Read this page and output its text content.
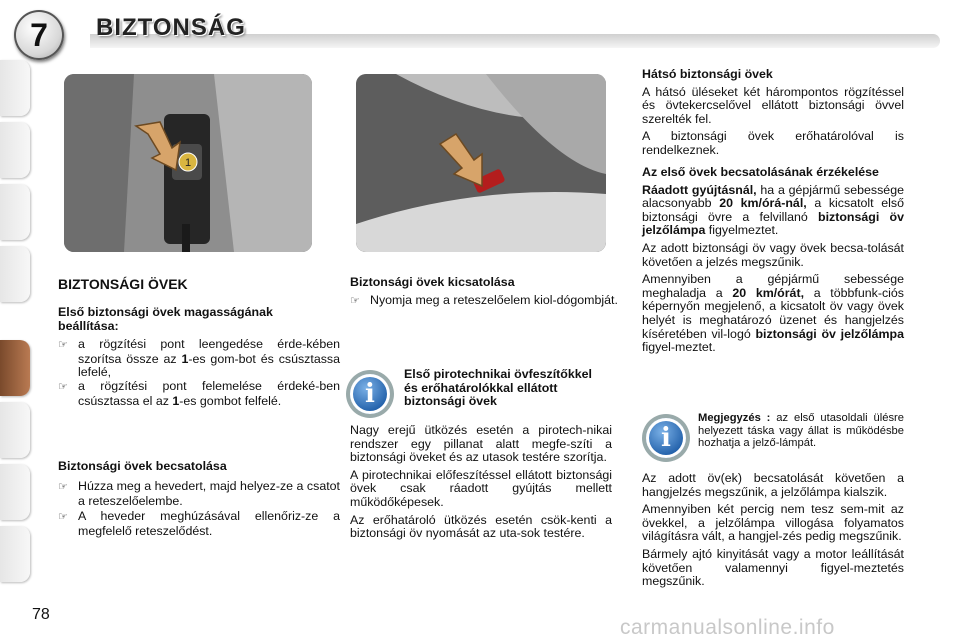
7	BIZTONSÁG
1
BIZTONSÁGI ÖVEK
Első biztonsági övek magasságának beállítása:
☞ a rögzítési pont leengedése érde-kében szorítsa össze az 1-es gom-bot és csúsztassa lefelé,
☞ a rögzítési pont felemelése érdeké-ben csúsztassa el az 1-es gombot felfelé.
Biztonsági övek becsatolása
☞ Húzza meg a hevedert, majd helyez-ze a csatot a reteszelőelembe.
☞ A heveder meghúzásával ellenőriz-ze a megfelelő reteszelődést.
Biztonsági övek kicsatolása
☞ Nyomja meg a reteszelőelem kiol-dógombját.
i
Első pirotechnikai övfeszítőkkel és erőhatárolókkal ellátott biztonsági övek

Nagy erejű ütközés esetén a pirotech-nikai rendszer egy pillanat alatt megfe-szíti a biztonsági öveket és az utasok testére szorítja.

A pirotechnikai előfeszítéssel ellátott biztonsági övek csak ráadott gyújtás mellett működőképesek.

Az erőhatároló ütközés esetén csök-kenti a biztonsági öv nyomását az uta-sok testére.

Hátsó biztonsági övek

A hátsó üléseket két hárompontos rögzítéssel és övtekercselővel ellátott biztonsági övvel szerelték fel.

A biztonsági övek erőhatárolóval is rendelkeznek.

Az első övek becsatolásának érzékelése

Ráadott gyújtásnál, ha a gépjármű sebessége alacsonyabb 20 km/órá-nál, a kicsatolt első biztonsági övre a felvillanó biztonsági öv jelzőlámpa figyelmeztet.

Az adott biztonsági öv vagy övek becsa-tolását követően a jelzés megszűnik.

Amennyiben a gépjármű sebessége meghaladja a 20 km/órát, a többfunk-ciós képernyőn megjelenő, a kicsatolt öv vagy övek helyét is meghatározó üzenet és hangjelzés kíséretében vil-logó biztonsági öv jelzőlámpa figyel-meztet.

i
Megjegyzés : az első utasoldali ülésre helyezett táska vagy állat is működésbe hozhatja a jelző-lámpát.

Az adott öv(ek) becsatolását követően a hangjelzés megszűnik, a jelzőlámpa kialszik.

Amennyiben két percig nem tesz sem-mit az övekkel, a jelzőlámpa villogása folyamatos világításra vált, a hangjel-zés pedig megszűnik.

Bármely ajtó kinyitását vagy a motor leállítását követően valamennyi figyel-meztetés megszűnik.

78
carmanualsonline.info
